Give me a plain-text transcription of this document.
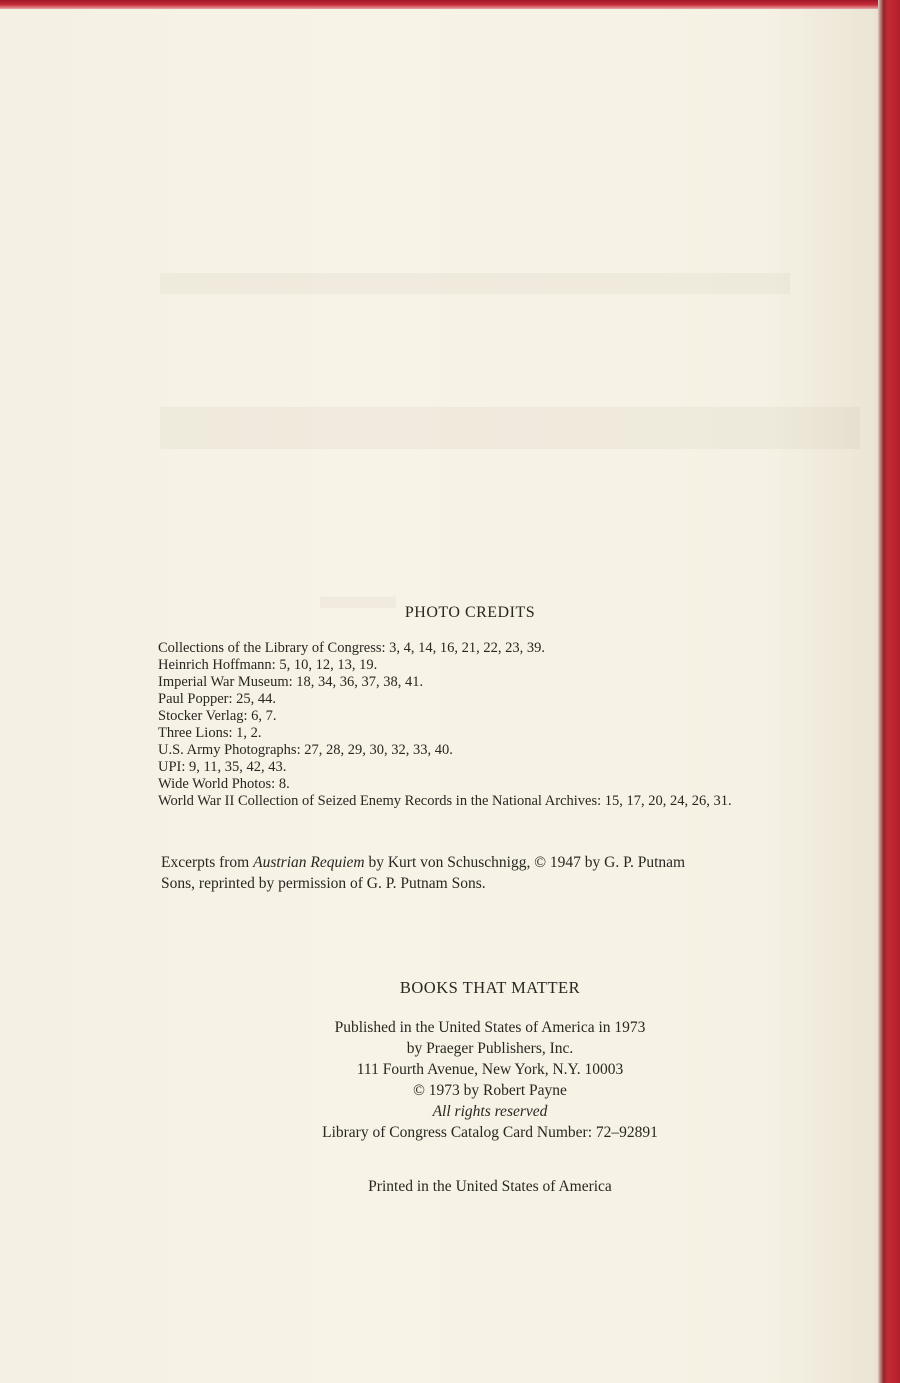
▬▬▬▬▬▬▬▬▬
▬▬▬▬▬
▬▬ PHOTO CREDITS
Collections of the Library of Congress: 3, 4, 14, 16, 21, 22, 23, 39.
Heinrich Hoffmann: 5, 10, 12, 13, 19.
Imperial War Museum: 18, 34, 36, 37, 38, 41.
Paul Popper: 25, 44.
Stocker Verlag: 6, 7.
Three Lions: 1, 2.
U.S. Army Photographs: 27, 28, 29, 30, 32, 33, 40.
UPI: 9, 11, 35, 42, 43.
Wide World Photos: 8.
World War II Collection of Seized Enemy Records in the National Archives: 15, 17, 20, 24, 26, 31.
Excerpts from Austrian Requiem by Kurt von Schuschnigg, © 1947 by G. P. Putnam Sons, reprinted by permission of G. P. Putnam Sons.
BOOKS THAT MATTER
Published in the United States of America in 1973
by Praeger Publishers, Inc.
111 Fourth Avenue, New York, N.Y. 10003
© 1973 by Robert Payne
All rights reserved
Library of Congress Catalog Card Number: 72–92891
Printed in the United States of America
